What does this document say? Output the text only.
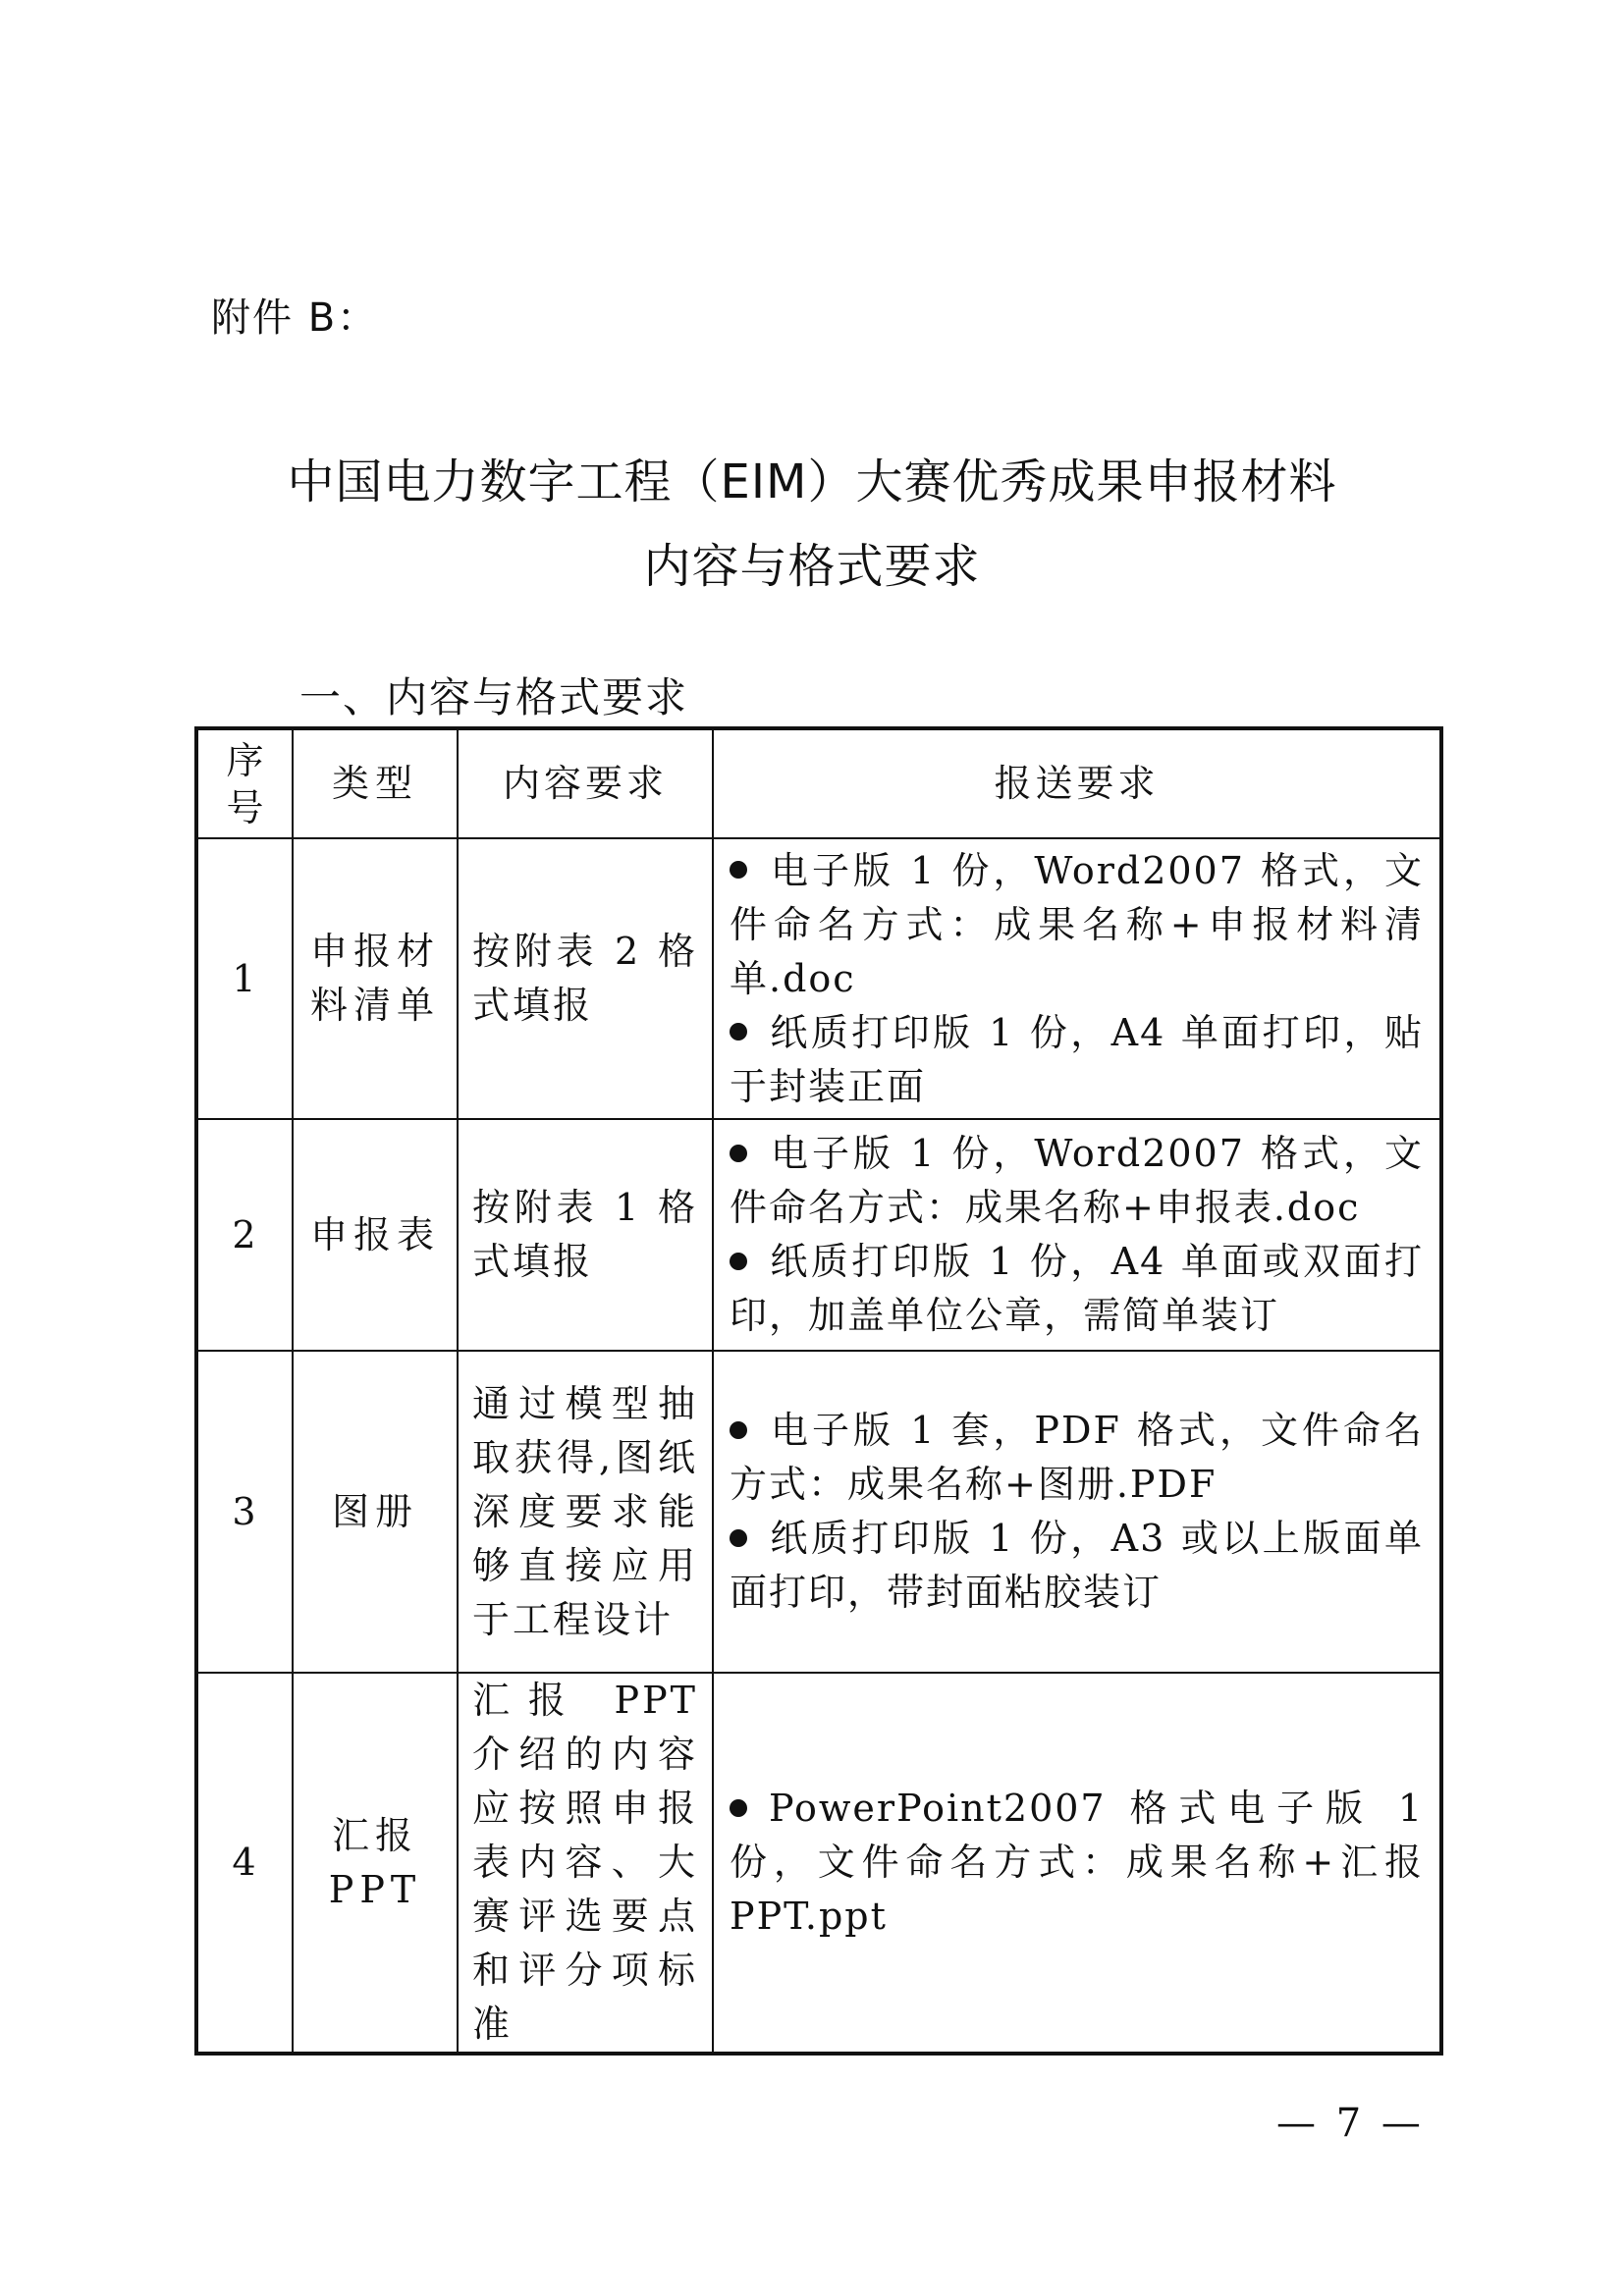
附件 B：
中国电力数字工程（EIM）大赛优秀成果申报材料
内容与格式要求
一、内容与格式要求
序
号	类型	内容要求	报送要求
1	申报材料清单	按附表 2 格式填报	电子版 1 份，Word2007 格式，文件命名方式：成果名称+申报材料清单.doc
纸质打印版 1 份，A4 单面打印，贴于封装正面

2	申报表	按附表 1 格式填报	电子版 1 份，Word2007 格式，文件命名方式：成果名称+申报表.doc
纸质打印版 1 份，A4 单面或双面打印，加盖单位公章，需简单装订

3	图册	通过模型抽取获得,图纸深度要求能够直接应用于工程设计	电子版 1 套，PDF 格式，文件命名方式：成果名称+图册.PDF
纸质打印版 1 份，A3 或以上版面单面打印，带封面粘胶装订

4	汇报 PPT	汇报 PPT 介绍的内容应按照申报表内容、大赛评选要点和评分项标准	PowerPoint2007 格式电子版 1 份，文件命名方式：成果名称+汇报 PPT.ppt
— 7 —
